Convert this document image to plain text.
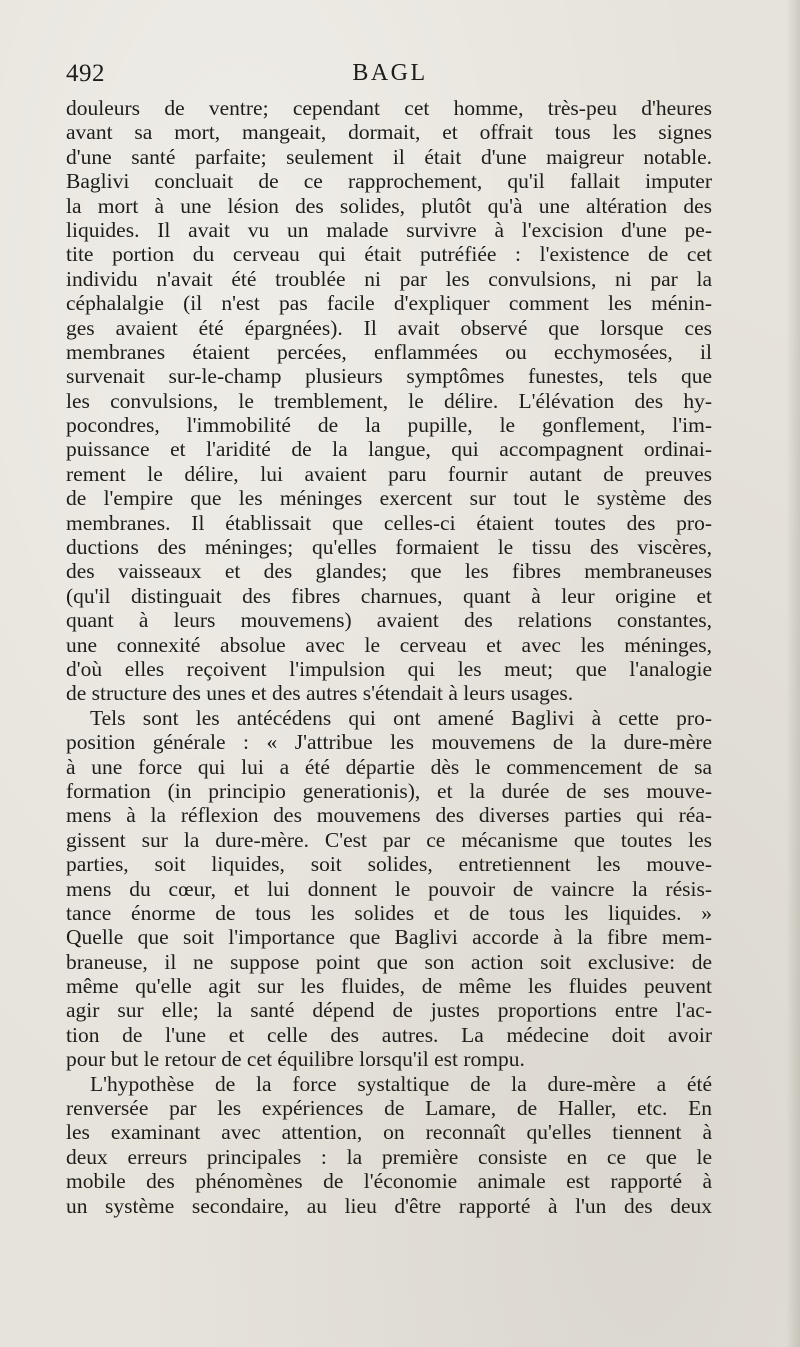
492	BAGL
douleurs de ventre; cependant cet homme, très-peu d'heures
avant sa mort, mangeait, dormait, et offrait tous les signes
d'une santé parfaite; seulement il était d'une maigreur notable.
Baglivi concluait de ce rapprochement, qu'il fallait imputer
la mort à une lésion des solides, plutôt qu'à une altération des
liquides. Il avait vu un malade survivre à l'excision d'une pe-
tite portion du cerveau qui était putréfiée : l'existence de cet
individu n'avait été troublée ni par les convulsions, ni par la
céphalalgie (il n'est pas facile d'expliquer comment les ménin-
ges avaient été épargnées). Il avait observé que lorsque ces
membranes étaient percées, enflammées ou ecchymosées, il
survenait sur-le-champ plusieurs symptômes funestes, tels que
les convulsions, le tremblement, le délire. L'élévation des hy-
pocondres, l'immobilité de la pupille, le gonflement, l'im-
puissance et l'aridité de la langue, qui accompagnent ordinai-
rement le délire, lui avaient paru fournir autant de preuves
de l'empire que les méninges exercent sur tout le système des
membranes. Il établissait que celles-ci étaient toutes des pro-
ductions des méninges; qu'elles formaient le tissu des viscères,
des vaisseaux et des glandes; que les fibres membraneuses
(qu'il distinguait des fibres charnues, quant à leur origine et
quant à leurs mouvemens) avaient des relations constantes,
une connexité absolue avec le cerveau et avec les méninges,
d'où elles reçoivent l'impulsion qui les meut; que l'analogie
de structure des unes et des autres s'étendait à leurs usages.
Tels sont les antécédens qui ont amené Baglivi à cette pro-
position générale : « J'attribue les mouvemens de la dure-mère
à une force qui lui a été départie dès le commencement de sa
formation (in principio generationis), et la durée de ses mouve-
mens à la réflexion des mouvemens des diverses parties qui réa-
gissent sur la dure-mère. C'est par ce mécanisme que toutes les
parties, soit liquides, soit solides, entretiennent les mouve-
mens du cœur, et lui donnent le pouvoir de vaincre la résis-
tance énorme de tous les solides et de tous les liquides. »
Quelle que soit l'importance que Baglivi accorde à la fibre mem-
braneuse, il ne suppose point que son action soit exclusive: de
même qu'elle agit sur les fluides, de même les fluides peuvent
agir sur elle; la santé dépend de justes proportions entre l'ac-
tion de l'une et celle des autres. La médecine doit avoir
pour but le retour de cet équilibre lorsqu'il est rompu.
L'hypothèse de la force systaltique de la dure-mère a été
renversée par les expériences de Lamare, de Haller, etc. En
les examinant avec attention, on reconnaît qu'elles tiennent à
deux erreurs principales : la première consiste en ce que le
mobile des phénomènes de l'économie animale est rapporté à
un système secondaire, au lieu d'être rapporté à l'un des deux
